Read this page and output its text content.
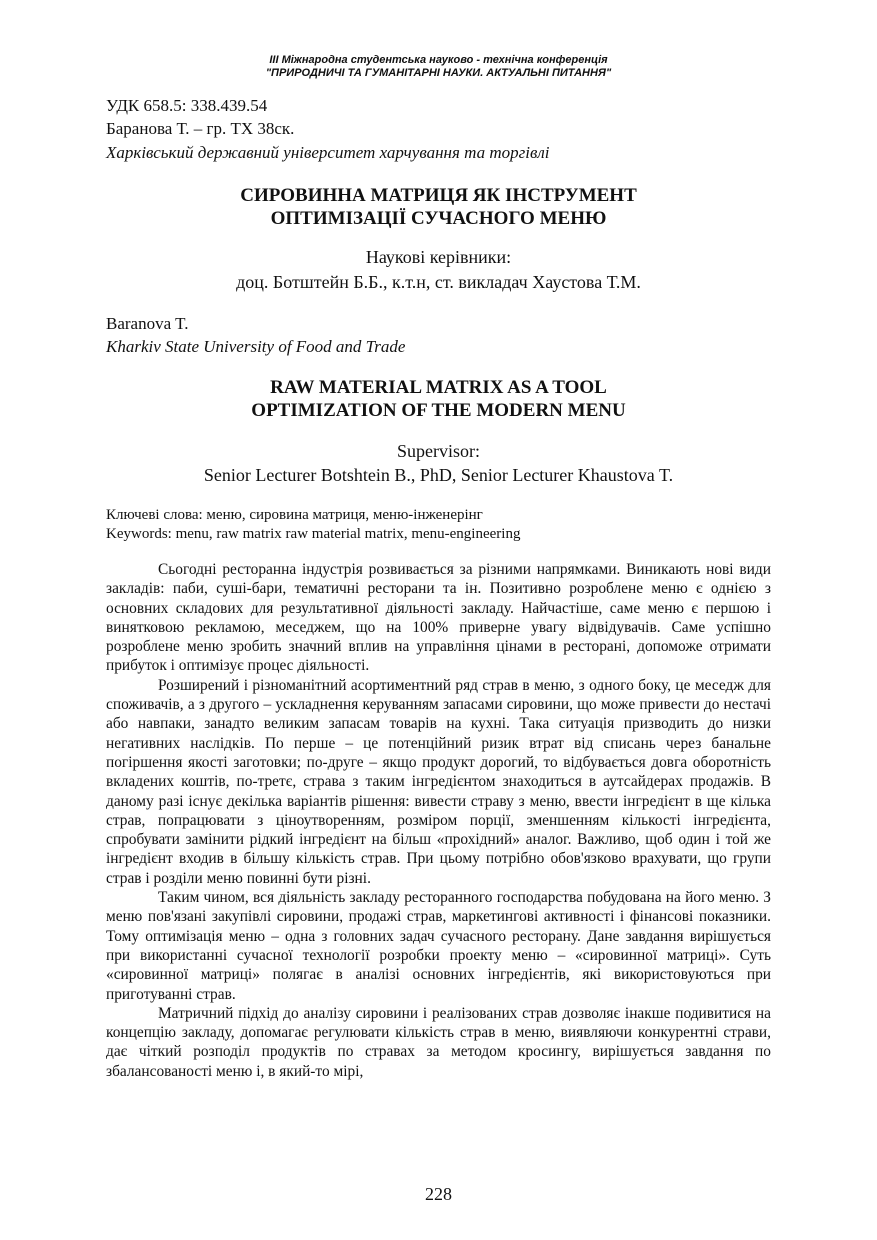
III Міжнародна студентська науково - технічна конференція
"ПРИРОДНИЧІ ТА ГУМАНІТАРНІ НАУКИ. АКТУАЛЬНІ ПИТАННЯ"
УДК 658.5: 338.439.54
Баранова Т. – гр. ТХ 38ск.
Харківський державний університет харчування та торгівлі
СИРОВИННА МАТРИЦЯ ЯК ІНСТРУМЕНТ
ОПТИМІЗАЦІЇ СУЧАСНОГО МЕНЮ
Наукові керівники:
доц. Ботштейн Б.Б., к.т.н, ст. викладач Хаустова Т.М.
Baranova T.
Kharkiv State University of Food and Trade
RAW MATERIAL MATRIX AS A TOOL
OPTIMIZATION OF THE MODERN MENU
Supervisor:
Senior Lecturer Botshtein B., PhD, Senior Lecturer Khaustova T.
Ключеві слова: меню, сировина матриця, меню-інженерінг
Keywords: menu, raw matrix raw material matrix, menu-engineering

Сьогодні ресторанна індустрія розвивається за різними напрямками. Виникають нові види закладів: паби, суші-бари, тематичні ресторани та ін. Позитивно розроблене меню є однією з основних складових для результативної діяльності закладу. Найчастіше, саме меню є першою і винятковою рекламою, меседжем, що на 100% приверне увагу відвідувачів. Саме успішно розроблене меню зробить значний вплив на управління цінами в ресторані, допоможе отримати прибуток і оптимізує процес діяльності.

Розширений і різноманітний асортиментний ряд страв в меню, з одного боку, це меседж для споживачів, а з другого – ускладнення керуванням запасами сировини, що може привести до нестачі або навпаки, занадто великим запасам товарів на кухні. Така ситуація призводить до низки негативних наслідків. По перше – це потенційний ризик втрат від списань через банальне погіршення якості заготовки; по-друге – якщо продукт дорогий, то відбувається довга оборотність вкладених коштів, по-третє, страва з таким інгредієнтом знаходиться в аутсайдерах продажів. В даному разі існує декілька варіантів рішення: вивести страву з меню, ввести інгредієнт в ще кілька страв, попрацювати з ціноутворенням, розміром порції, зменшенням кількості інгредієнта, спробувати замінити рідкий інгредієнт на більш «прохідний» аналог. Важливо, щоб один і той же інгредієнт входив в більшу кількість страв. При цьому потрібно обов'язково врахувати, що групи страв і розділи меню повинні бути різні.

Таким чином, вся діяльність закладу ресторанного господарства побудована на його меню. З меню пов'язані закупівлі сировини, продажі страв, маркетингові активності і фінансові показники. Тому оптимізація меню – одна з головних задач сучасного ресторану. Дане завдання вирішується при використанні сучасної технології розробки проекту меню – «сировинної матриці». Суть «сировинної матриці» полягає в аналізі основних інгредієнтів, які використовуються при приготуванні страв.

Матричний підхід до аналізу сировини і реалізованих страв дозволяє інакше подивитися на концепцію закладу, допомагає регулювати кількість страв в меню, виявляючи конкурентні страви, дає чіткий розподіл продуктів по стравах за методом кросингу, вирішується завдання по збалансованості меню і, в який-то мірі,

228
